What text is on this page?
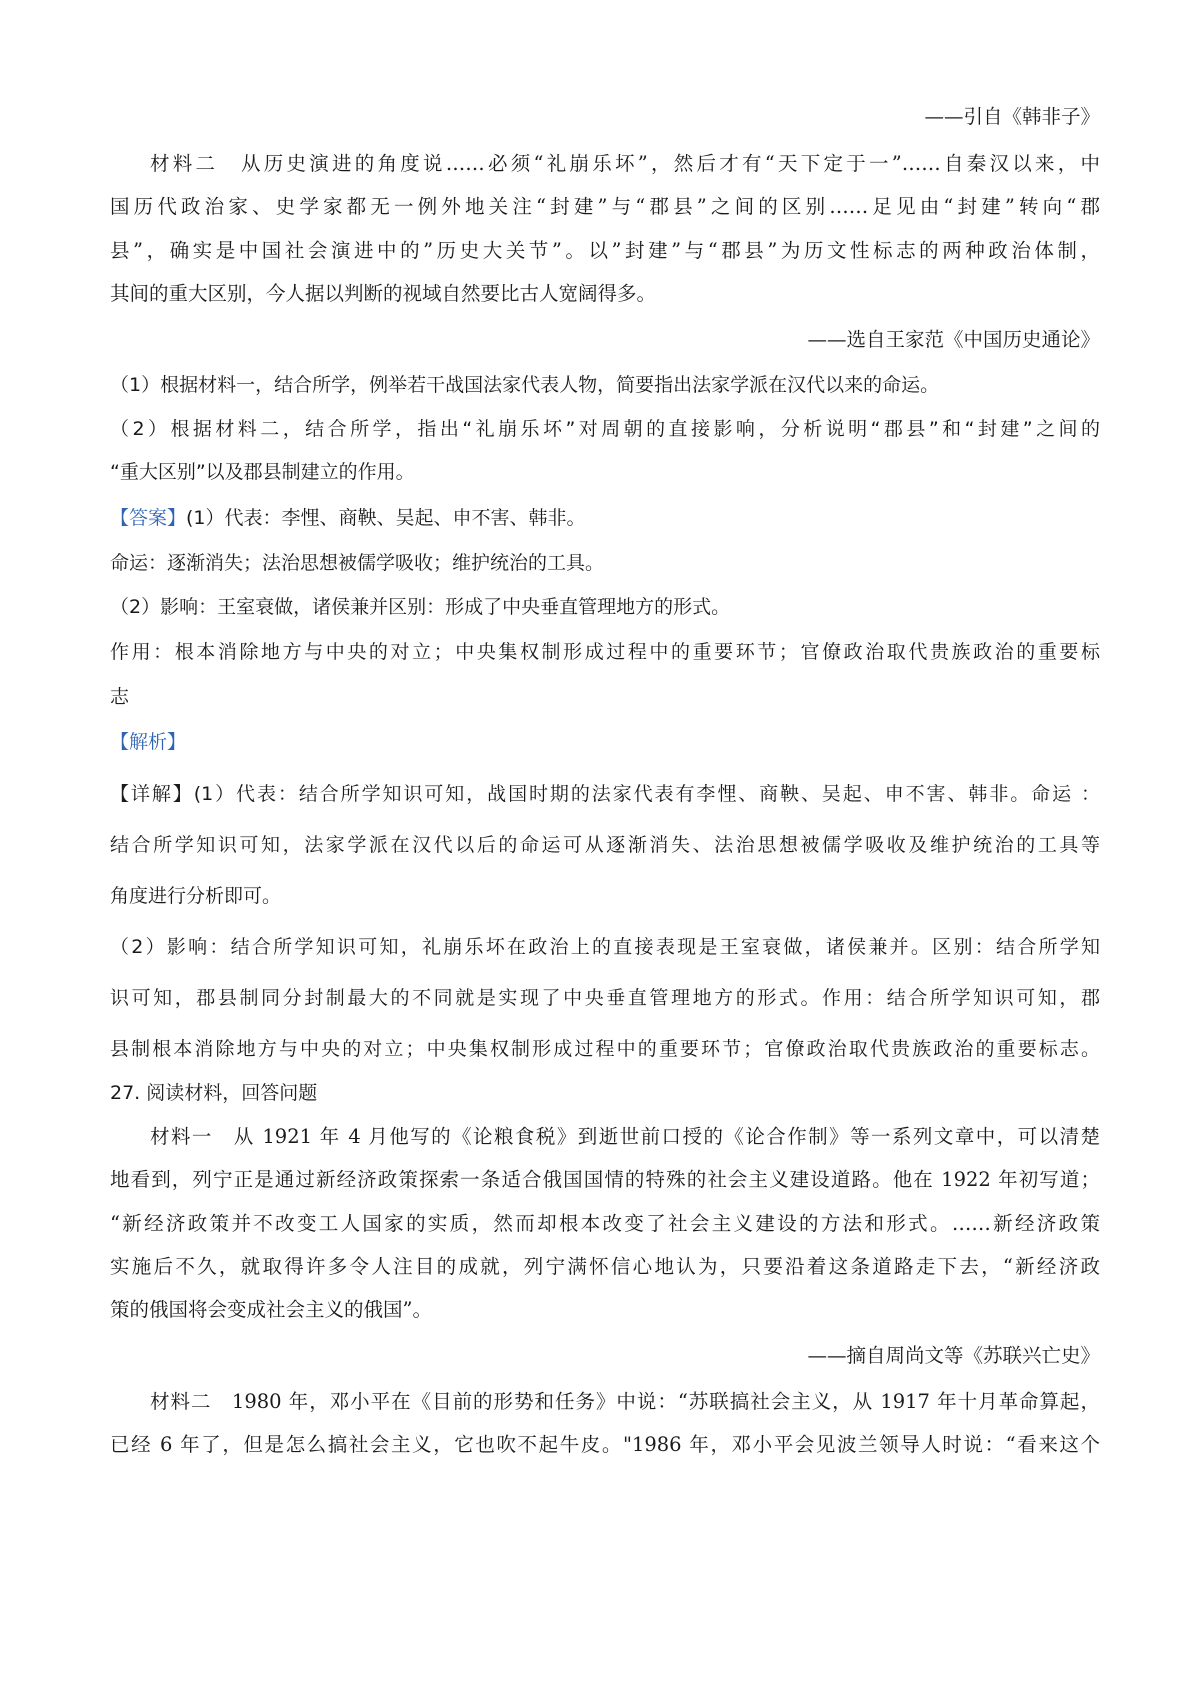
——引自《韩非子》

材料二　从历史演进的角度说……必须“礼崩乐坏”，然后才有“天下定于一”……自秦汉以来，中

国历代政治家、史学家都无一例外地关注“封建”与“郡县”之间的区别……足见由“封建”转向“郡

县”，确实是中国社会演进中的”历史大关节”。以”封建”与“郡县”为历文性标志的两种政治体制，

其间的重大区别，今人据以判断的视域自然要比古人宽阔得多。

——选自王家范《中国历史通论》

（1）根据材料一，结合所学，例举若干战国法家代表人物，简要指出法家学派在汉代以来的命运。

（2）根据材料二，结合所学，指出“礼崩乐坏”对周朝的直接影响，分析说明“郡县”和“封建”之间的

“重大区别”以及郡县制建立的作用。

【答案】(1）代表：李悝、商鞅、吴起、申不害、韩非。

命运：逐渐消失；法治思想被儒学吸收；维护统治的工具。

（2）影响：王室衰做，诸侯兼并区别：形成了中央垂直管理地方的形式。

作用：根本消除地方与中央的对立；中央集权制形成过程中的重要环节；官僚政治取代贵族政治的重要标

志

【解析】

【详解】(1）代表：结合所学知识可知，战国时期的法家代表有李悝、商鞅、吴起、申不害、韩非。命运 ：

结合所学知识可知，法家学派在汉代以后的命运可从逐渐消失、法治思想被儒学吸收及维护统治的工具等

角度进行分析即可。

（2）影响：结合所学知识可知，礼崩乐坏在政治上的直接表现是王室衰做，诸侯兼并。区别：结合所学知

识可知，郡县制同分封制最大的不同就是实现了中央垂直管理地方的形式。作用：结合所学知识可知，郡

县制根本消除地方与中央的对立；中央集权制形成过程中的重要环节；官僚政治取代贵族政治的重要标志。

27. 阅读材料，回答问题

材料一　从 1921 年 4 月他写的《论粮食税》到逝世前口授的《论合作制》等一系列文章中，可以清楚

地看到，列宁正是通过新经济政策探索一条适合俄国国情的特殊的社会主义建设道路。他在 1922 年初写道；

“新经济政策并不改变工人国家的实质，然而却根本改变了社会主义建设的方法和形式。……新经济政策

实施后不久，就取得许多令人注目的成就，列宁满怀信心地认为，只要沿着这条道路走下去，“新经济政

策的俄国将会变成社会主义的俄国”。

——摘自周尚文等《苏联兴亡史》

材料二　1980 年，邓小平在《目前的形势和任务》中说：“苏联搞社会主义，从 1917 年十月革命算起，

已经 6 年了，但是怎么搞社会主义，它也吹不起牛皮。"1986 年，邓小平会见波兰领导人时说：“看来这个
